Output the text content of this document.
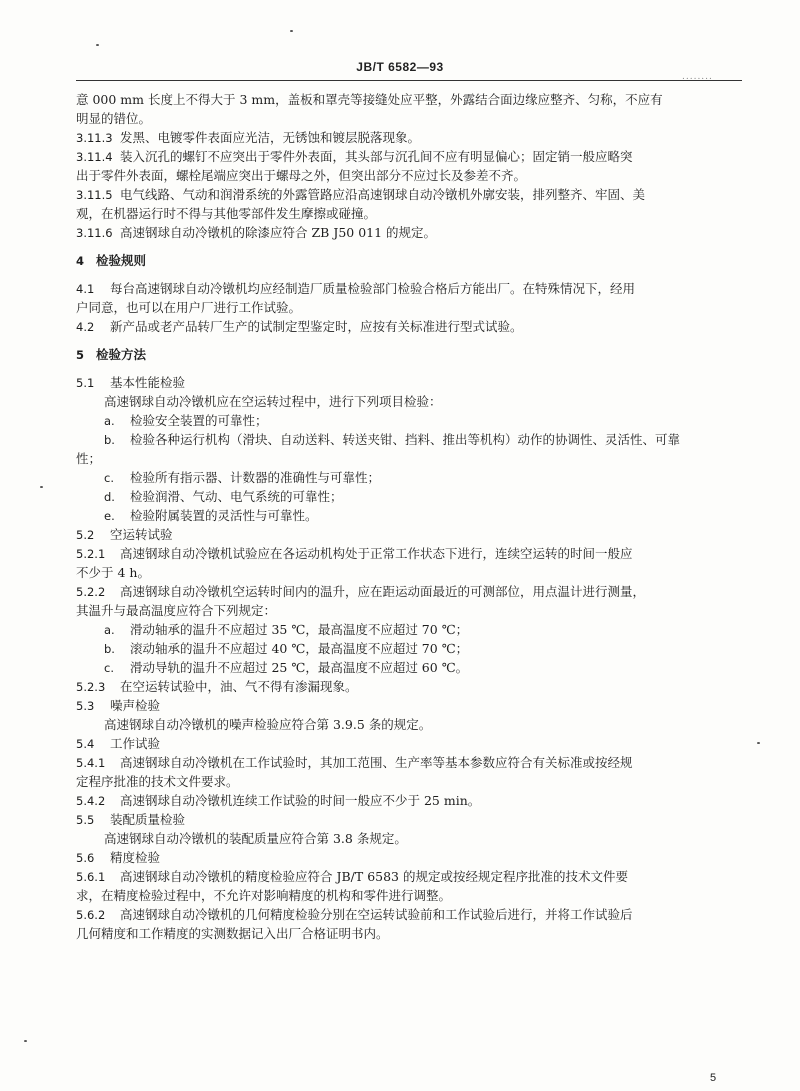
JB/T 6582—93
........
意 000 mm 长度上不得大于 3 mm，盖板和罩壳等接缝处应平整，外露结合面边缘应整齐、匀称，不应有
明显的错位。
3.11.3 发黑、电镀零件表面应光洁，无锈蚀和镀层脱落现象。
3.11.4 装入沉孔的螺钉不应突出于零件外表面，其头部与沉孔间不应有明显偏心；固定销一般应略突
出于零件外表面，螺栓尾端应突出于螺母之外，但突出部分不应过长及参差不齐。
3.11.5 电气线路、气动和润滑系统的外露管路应沿高速钢球自动冷镦机外廓安装，排列整齐、牢固、美
观，在机器运行时不得与其他零部件发生摩擦或碰撞。
3.11.6 高速钢球自动冷镦机的除漆应符合 ZB J50 011 的规定。
4 检验规则
4.1 每台高速钢球自动冷镦机均应经制造厂质量检验部门检验合格后方能出厂。在特殊情况下，经用
户同意，也可以在用户厂进行工作试验。
4.2 新产品或老产品转厂生产的试制定型鉴定时，应按有关标准进行型式试验。
5 检验方法
5.1 基本性能检验
高速钢球自动冷镦机应在空运转过程中，进行下列项目检验：
a. 检验安全装置的可靠性；
b. 检验各种运行机构（滑块、自动送料、转送夹钳、挡料、推出等机构）动作的协调性、灵活性、可靠
性；
c. 检验所有指示器、计数器的准确性与可靠性；
d. 检验润滑、气动、电气系统的可靠性；
e. 检验附属装置的灵活性与可靠性。
5.2 空运转试验
5.2.1 高速钢球自动冷镦机试验应在各运动机构处于正常工作状态下进行，连续空运转的时间一般应
不少于 4 h。
5.2.2 高速钢球自动冷镦机空运转时间内的温升，应在距运动面最近的可测部位，用点温计进行测量，
其温升与最高温度应符合下列规定：
a. 滑动轴承的温升不应超过 35 ℃，最高温度不应超过 70 ℃；
b. 滚动轴承的温升不应超过 40 ℃，最高温度不应超过 70 ℃；
c. 滑动导轨的温升不应超过 25 ℃，最高温度不应超过 60 ℃。
5.2.3 在空运转试验中，油、气不得有渗漏现象。
5.3 噪声检验
高速钢球自动冷镦机的噪声检验应符合第 3.9.5 条的规定。
5.4 工作试验
5.4.1 高速钢球自动冷镦机在工作试验时，其加工范围、生产率等基本参数应符合有关标准或按经规
定程序批准的技术文件要求。
5.4.2 高速钢球自动冷镦机连续工作试验的时间一般应不少于 25 min。
5.5 装配质量检验
高速钢球自动冷镦机的装配质量应符合第 3.8 条规定。
5.6 精度检验
5.6.1 高速钢球自动冷镦机的精度检验应符合 JB/T 6583 的规定或按经规定程序批准的技术文件要
求，在精度检验过程中，不允许对影响精度的机构和零件进行调整。
5.6.2 高速钢球自动冷镦机的几何精度检验分别在空运转试验前和工作试验后进行，并将工作试验后
几何精度和工作精度的实测数据记入出厂合格证明书内。
5
